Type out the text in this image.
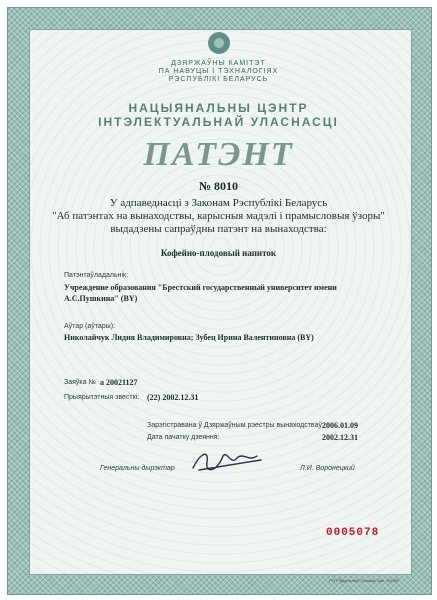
ДЗЯРЖАЎНЫ КАМІТЭТ
ПА НАВУЦЫ І ТЭХНАЛОГІЯХ
РЭСПУБЛІКІ БЕЛАРУСЬ
НАЦЫЯНАЛЬНЫ ЦЭНТР
ІНТЭЛЕКТУАЛЬНАЙ УЛАСНАСЦІ
ПАТЭНТ
№ 8010
У адпаведнасці з Законам Рэспублікі Беларусь
"Аб патэнтах на вынаходствы, карысныя мадэлі і прамысловыя ўзоры"
выдадзены сапраўдны патэнт на вынаходства:
Кофейно-плодовый напиток
Патэнтаўладальнік:
Учреждение образования "Брестский государственный университет имени
А.С.Пушкина" (BY)
Аўтар (аўтары):
Николайчук Лидия Владимировна; Зубец Ирина Валентиновна (BY)
Заяўка № a 20021127
Прыярытэтныя звесткі: (22) 2002.12.31
Зарэгістравана ў Дзяржаўным рэестры вынаходстваў:
2006.01.09
Дата пачатку дзеяння:	2002.12.31
Генеральны дырэктар	Л.И. Воронецкий
0005078
РУП "Криптотех" Гознака. Зак. 304-05
